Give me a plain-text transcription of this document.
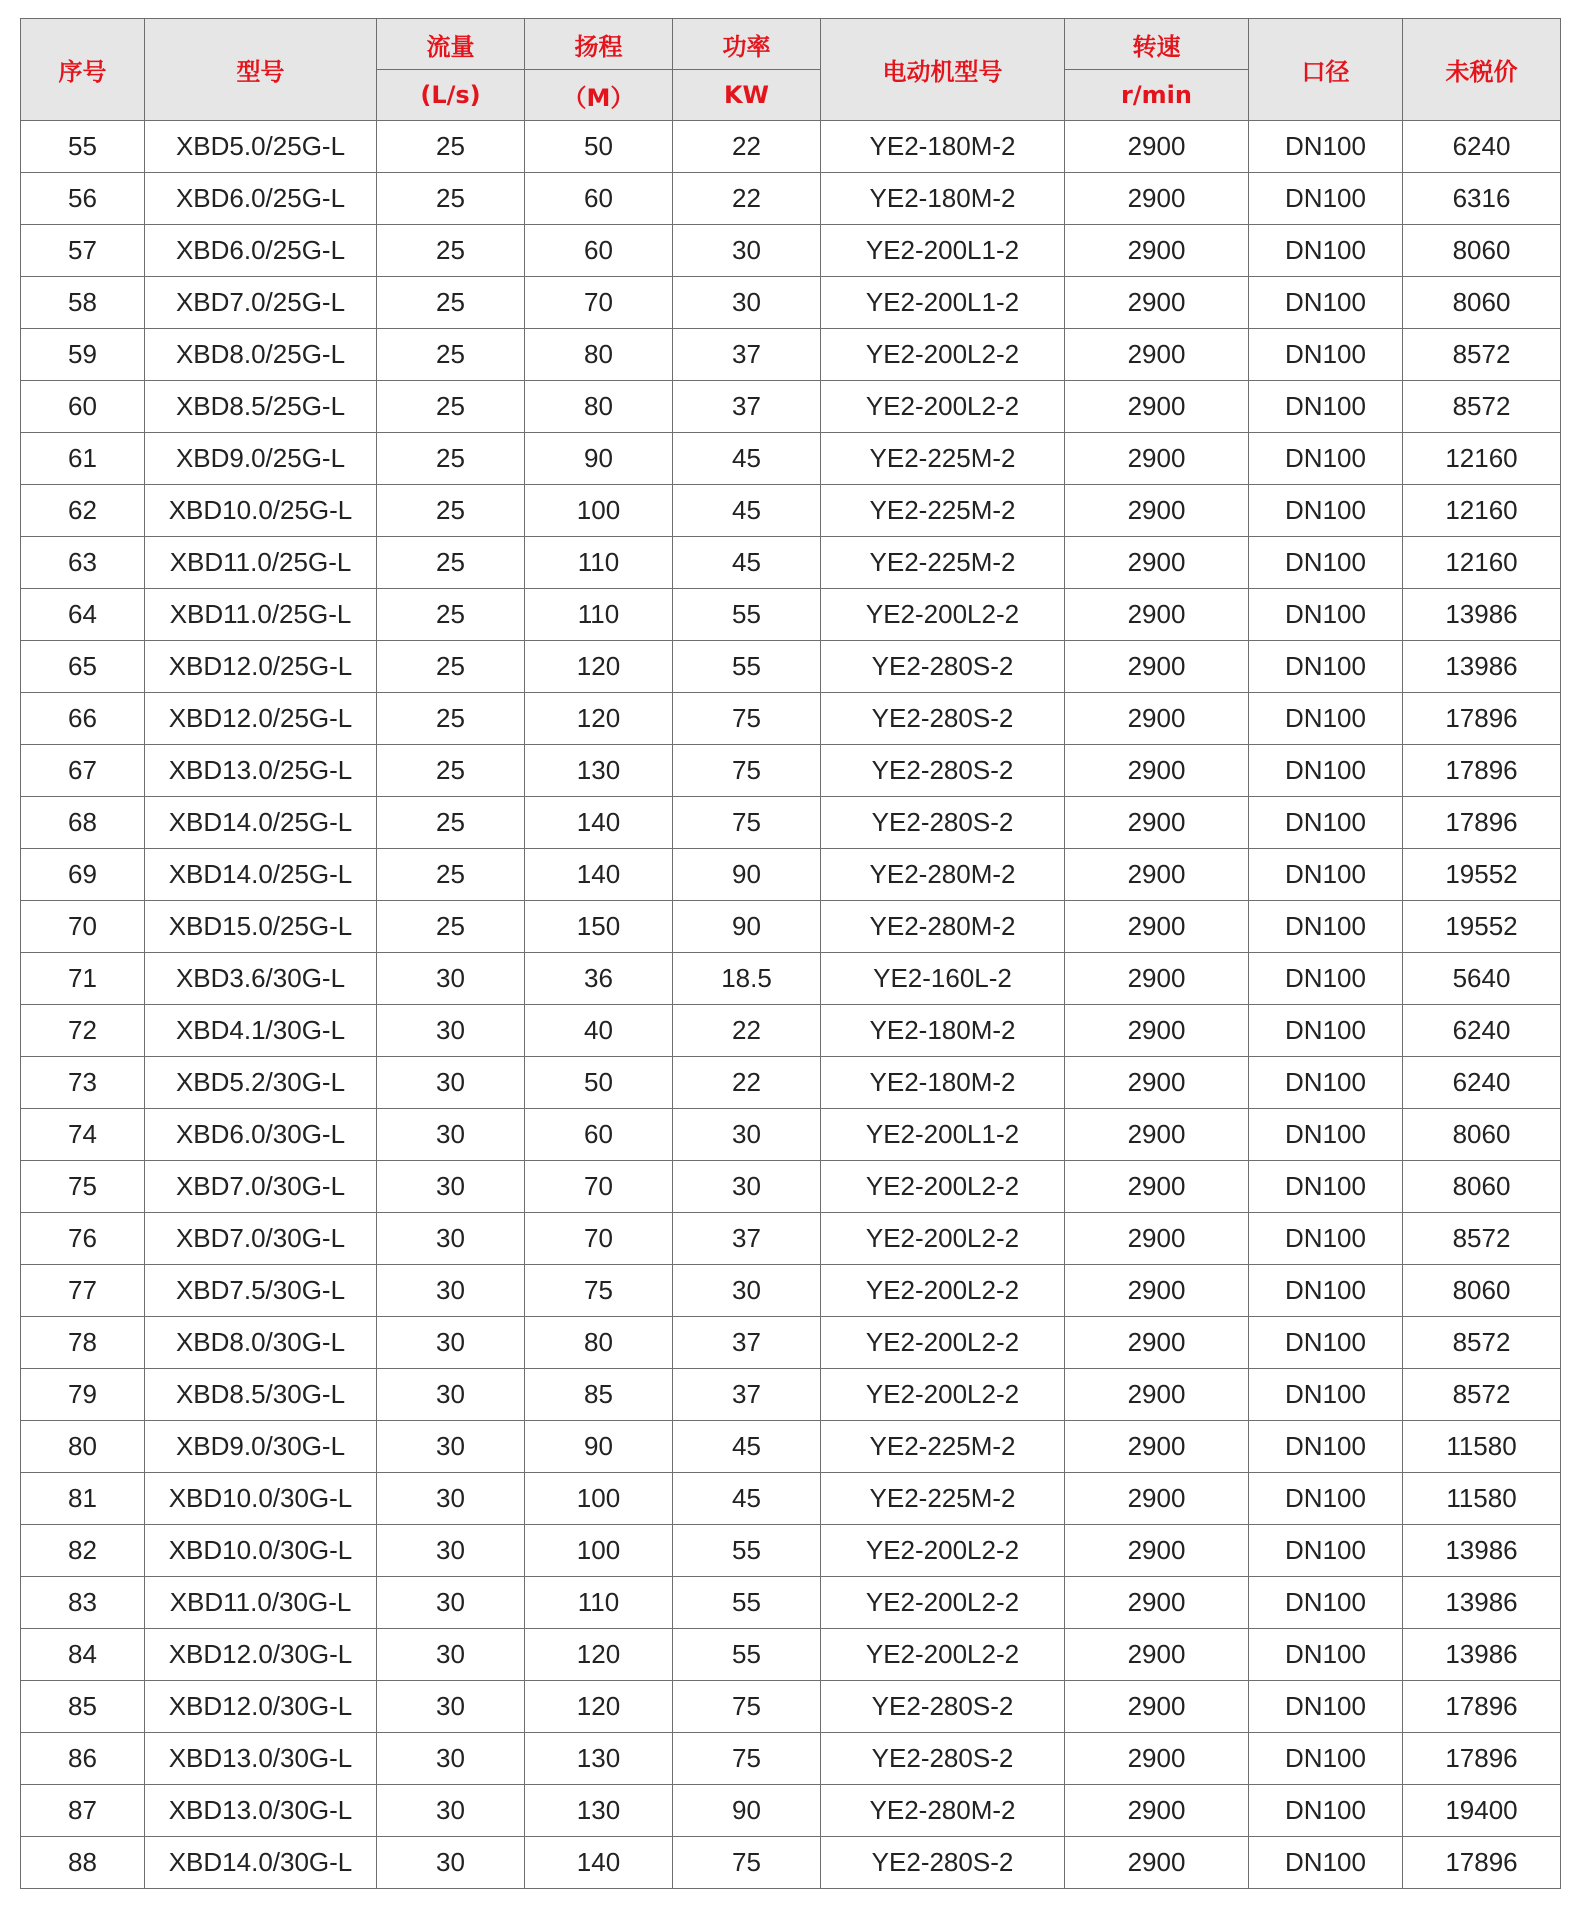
序号	型号	流量	扬程	功率	电动机型号	转速	口径	未税价
		(L/s)	（M）	KW		r/min		
55	XBD5.0/25G-L	25	50	22	YE2-180M-2	2900	DN100	6240
56	XBD6.0/25G-L	25	60	22	YE2-180M-2	2900	DN100	6316
57	XBD6.0/25G-L	25	60	30	YE2-200L1-2	2900	DN100	8060
58	XBD7.0/25G-L	25	70	30	YE2-200L1-2	2900	DN100	8060
59	XBD8.0/25G-L	25	80	37	YE2-200L2-2	2900	DN100	8572
60	XBD8.5/25G-L	25	80	37	YE2-200L2-2	2900	DN100	8572
61	XBD9.0/25G-L	25	90	45	YE2-225M-2	2900	DN100	12160
62	XBD10.0/25G-L	25	100	45	YE2-225M-2	2900	DN100	12160
63	XBD11.0/25G-L	25	110	45	YE2-225M-2	2900	DN100	12160
64	XBD11.0/25G-L	25	110	55	YE2-200L2-2	2900	DN100	13986
65	XBD12.0/25G-L	25	120	55	YE2-280S-2	2900	DN100	13986
66	XBD12.0/25G-L	25	120	75	YE2-280S-2	2900	DN100	17896
67	XBD13.0/25G-L	25	130	75	YE2-280S-2	2900	DN100	17896
68	XBD14.0/25G-L	25	140	75	YE2-280S-2	2900	DN100	17896
69	XBD14.0/25G-L	25	140	90	YE2-280M-2	2900	DN100	19552
70	XBD15.0/25G-L	25	150	90	YE2-280M-2	2900	DN100	19552
71	XBD3.6/30G-L	30	36	18.5	YE2-160L-2	2900	DN100	5640
72	XBD4.1/30G-L	30	40	22	YE2-180M-2	2900	DN100	6240
73	XBD5.2/30G-L	30	50	22	YE2-180M-2	2900	DN100	6240
74	XBD6.0/30G-L	30	60	30	YE2-200L1-2	2900	DN100	8060
75	XBD7.0/30G-L	30	70	30	YE2-200L2-2	2900	DN100	8060
76	XBD7.0/30G-L	30	70	37	YE2-200L2-2	2900	DN100	8572
77	XBD7.5/30G-L	30	75	30	YE2-200L2-2	2900	DN100	8060
78	XBD8.0/30G-L	30	80	37	YE2-200L2-2	2900	DN100	8572
79	XBD8.5/30G-L	30	85	37	YE2-200L2-2	2900	DN100	8572
80	XBD9.0/30G-L	30	90	45	YE2-225M-2	2900	DN100	11580
81	XBD10.0/30G-L	30	100	45	YE2-225M-2	2900	DN100	11580
82	XBD10.0/30G-L	30	100	55	YE2-200L2-2	2900	DN100	13986
83	XBD11.0/30G-L	30	110	55	YE2-200L2-2	2900	DN100	13986
84	XBD12.0/30G-L	30	120	55	YE2-200L2-2	2900	DN100	13986
85	XBD12.0/30G-L	30	120	75	YE2-280S-2	2900	DN100	17896
86	XBD13.0/30G-L	30	130	75	YE2-280S-2	2900	DN100	17896
87	XBD13.0/30G-L	30	130	90	YE2-280M-2	2900	DN100	19400
88	XBD14.0/30G-L	30	140	75	YE2-280S-2	2900	DN100	17896
